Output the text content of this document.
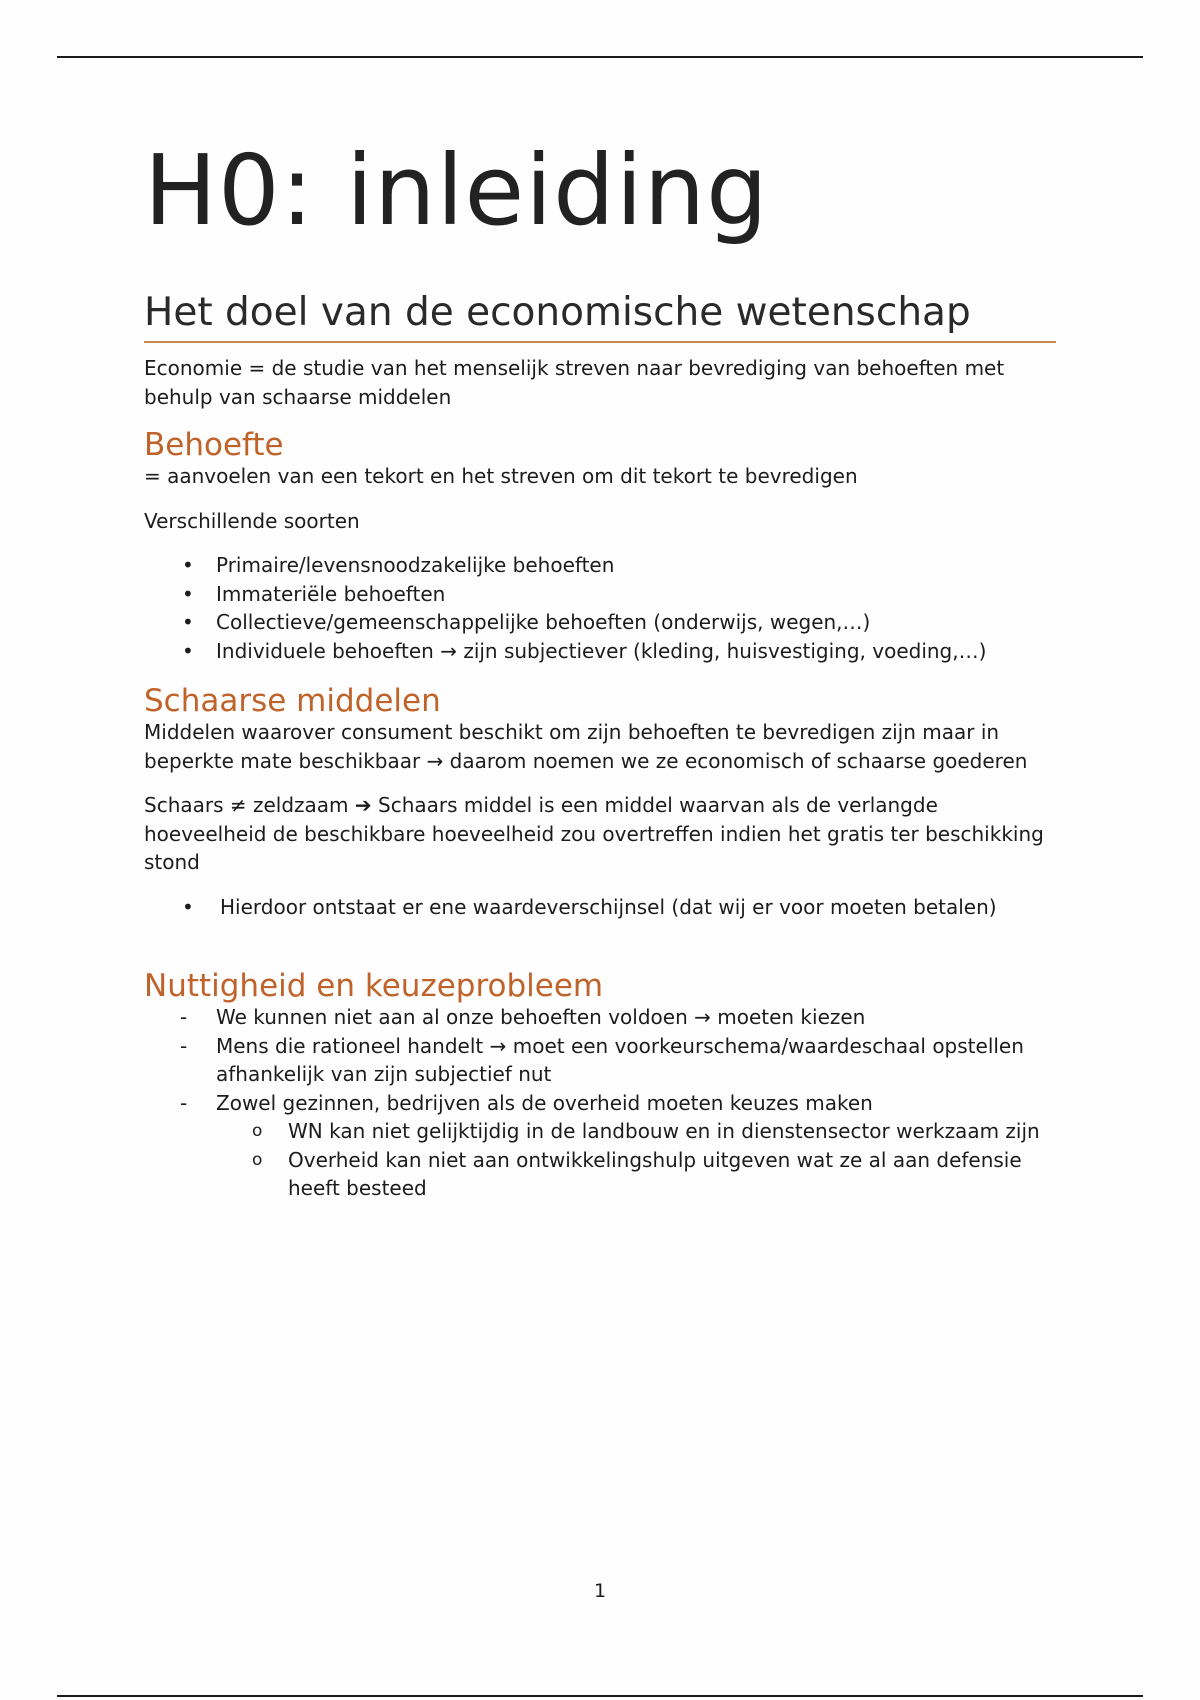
H0: inleiding
Het doel van de economische wetenschap

Economie = de studie van het menselijk streven naar bevrediging van behoeften met behulp van schaarse middelen

Behoefte

= aanvoelen van een tekort en het streven om dit tekort te bevredigen

Verschillende soorten

• Primaire/levensnoodzakelijke behoeften
• Immateriële behoeften
• Collectieve/gemeenschappelijke behoeften (onderwijs, wegen,…)
• Individuele behoeften → zijn subjectiever (kleding, huisvestiging, voeding,…)
Schaarse middelen

Middelen waarover consument beschikt om zijn behoeften te bevredigen zijn maar in beperkte mate beschikbaar → daarom noemen we ze economisch of schaarse goederen

Schaars ≠ zeldzaam ➔ Schaars middel is een middel waarvan als de verlangde hoeveelheid de beschikbare hoeveelheid zou overtreffen indien het gratis ter beschikking stond

• Hierdoor ontstaat er ene waardeverschijnsel (dat wij er voor moeten betalen)
Nuttigheid en keuzeprobleem
- We kunnen niet aan al onze behoeften voldoen → moeten kiezen
- Mens die rationeel handelt → moet een voorkeurschema/waardeschaal opstellen afhankelijk van zijn subjectief nut
- Zowel gezinnen, bedrijven als de overheid moeten keuzes maken
o WN kan niet gelijktijdig in de landbouw en in dienstensector werkzaam zijn
o Overheid kan niet aan ontwikkelingshulp uitgeven wat ze al aan defensie heeft besteed
1
